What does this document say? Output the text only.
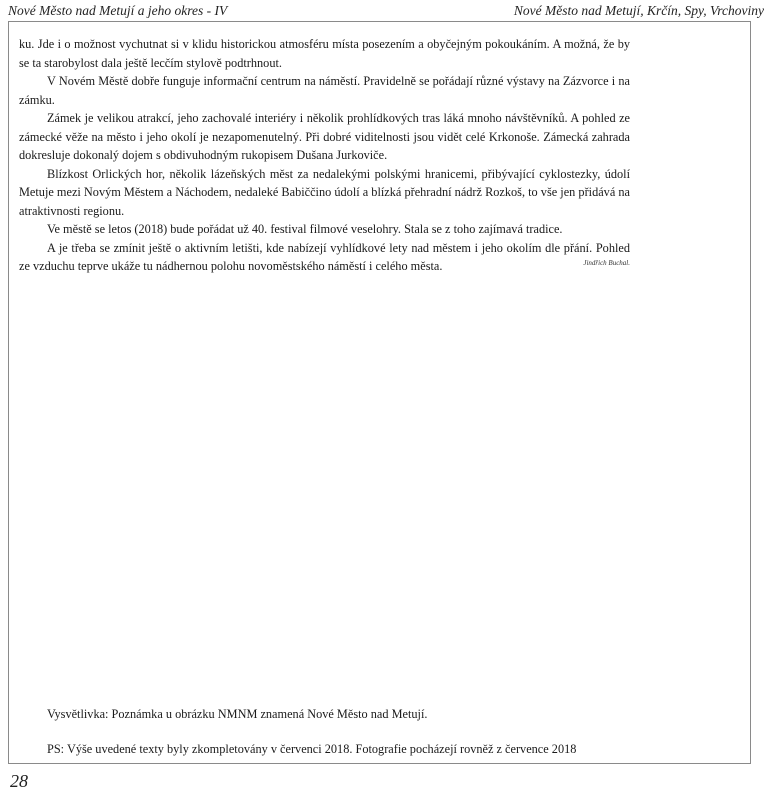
Nové Město nad Metují a jeho okres - IV	Nové Město nad Metují, Krčín, Spy, Vrchoviny

ku. Jde i o možnost vychutnat si v klidu historickou atmosféru místa posezením a obyčejným pokoukáním. A možná, že by se ta starobylost dala ještě lecčím stylově podtrhnout.

V Novém Městě dobře funguje informační centrum na náměstí. Pravidelně se pořádají různé výstavy na Zázvorce i na zámku.

Zámek je velikou atrakcí, jeho zachovalé interiéry i několik prohlídkových tras láká mnoho návštěvníků. A pohled ze zámecké věže na město i jeho okolí je nezapomenutelný. Při dobré viditelnosti jsou vidět celé Krkonoše. Zámecká zahrada dokresluje dokonalý dojem s obdivuhodným rukopisem Dušana Jurkoviče.

Blízkost Orlických hor, několik lázeňských měst za nedalekými polskými hranicemi, přibývající cyklostezky, údolí Metuje mezi Novým Městem a Náchodem, nedaleké Babiččino údolí a blízká přehradní nádrž Rozkoš, to vše jen přidává na atraktivnosti regionu.

Ve městě se letos (2018) bude pořádat už 40. festival filmové veselohry. Stala se z toho zajímavá tradice.

A je třeba se zmínit ještě o aktivním letišti, kde nabízejí vyhlídkové lety nad městem i jeho okolím dle přání. Pohled ze vzduchu teprve ukáže tu nádhernou polohu novoměstského náměstí i celého města.	Jindřich Buchal.
Vysvětlivka: Poznámka u obrázku NMNM znamená Nové Město nad Metují.
PS: Výše uvedené texty byly zkompletovány v červenci 2018. Fotografie pocházejí rovněž z července 2018
28
